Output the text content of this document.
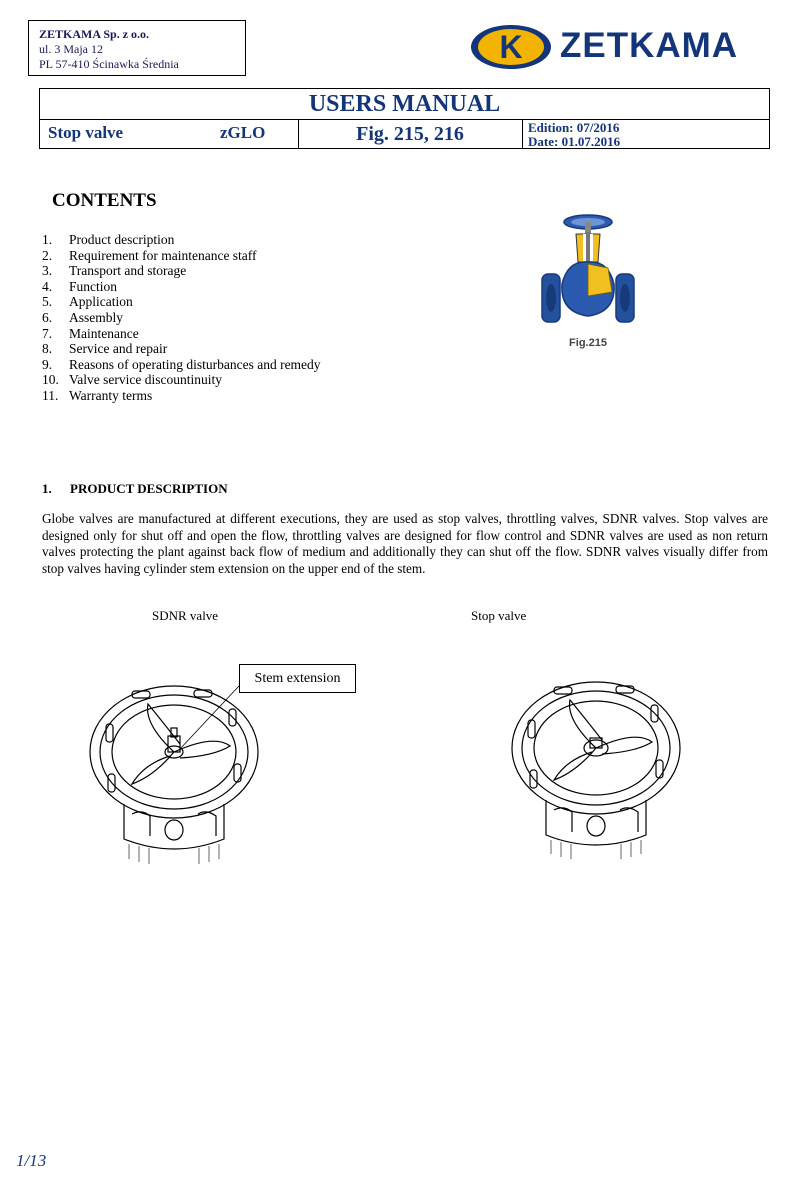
ZETKAMA Sp. z o.o.
ul. 3 Maja 12
PL 57-410 Ścinawka Średnia	K ZETKAMA
USERS MANUAL
Stop valve	zGLO	Fig. 215, 216	Edition: 07/2016
Date: 01.07.2016
CONTENTS
1.	Product description
2.	Requirement for maintenance staff
3.	Transport and storage
4.	Function
5.	Application
6.	Assembly
7.	Maintenance
8.	Service and repair
9.	Reasons of operating disturbances and remedy
10. Valve service discountinuity
11. Warranty terms
Fig.215
1. PRODUCT DESCRIPTION
Globe valves are manufactured at different executions, they are used as stop valves, throttling valves, SDNR valves. Stop valves are designed only for shut off and open the flow, throttling valves are designed for flow control and SDNR valves are used as non return valves protecting the plant against back flow of medium and additionally they can shut off the flow. SDNR valves visually differ from stop valves having cylinder stem extension on the upper end of the stem.
SDNR valve	Stop valve
Stem extension
1/13
